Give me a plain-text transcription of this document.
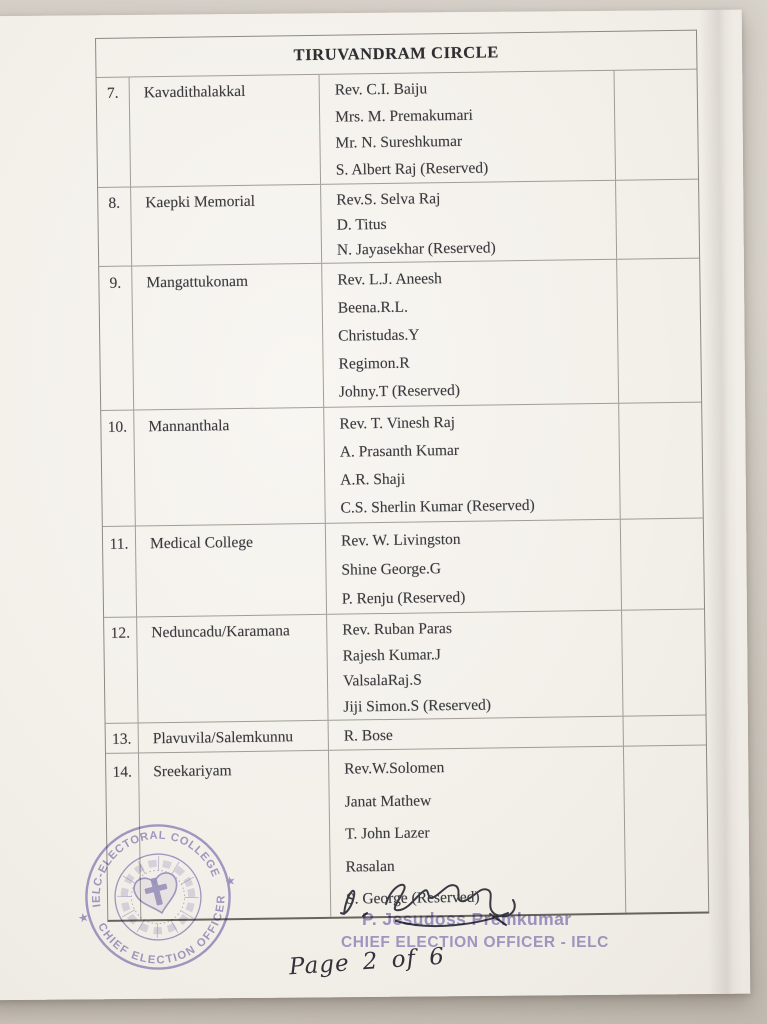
TIRUVANDRAM CIRCLE
7.	Kavadithalakkal	Rev. C.I. Baiju
Mrs. M. Premakumari
Mr. N. Sureshkumar
S. Albert Raj (Reserved)
8.	Kaepki Memorial	Rev.S. Selva Raj
D. Titus
N. Jayasekhar (Reserved)
9.	Mangattukonam	Rev. L.J. Aneesh
Beena.R.L.
Christudas.Y
Regimon.R
Johny.T (Reserved)
10.	Mannanthala	Rev. T. Vinesh Raj
A. Prasanth Kumar
A.R. Shaji
C.S. Sherlin Kumar (Reserved)
11.	Medical College	Rev. W. Livingston
Shine George.G
P. Renju (Reserved)
12.	Neduncadu/Karamana	Rev. Ruban Paras
Rajesh Kumar.J
ValsalaRaj.S
Jiji Simon.S (Reserved)
13.	Plavuvila/Salemkunnu	R. Bose
14.	Sreekariyam	Rev.W.Solomen
Janat Mathew
T. John Lazer
Rasalan
S. George (Reserved)
IELC-ELECTORAL COLLEGE
CHIEF ELECTION OFFICER
★
★
P. Jesudoss Premkumar
CHIEF ELECTION OFFICER - IELC
Page 2 of 6
